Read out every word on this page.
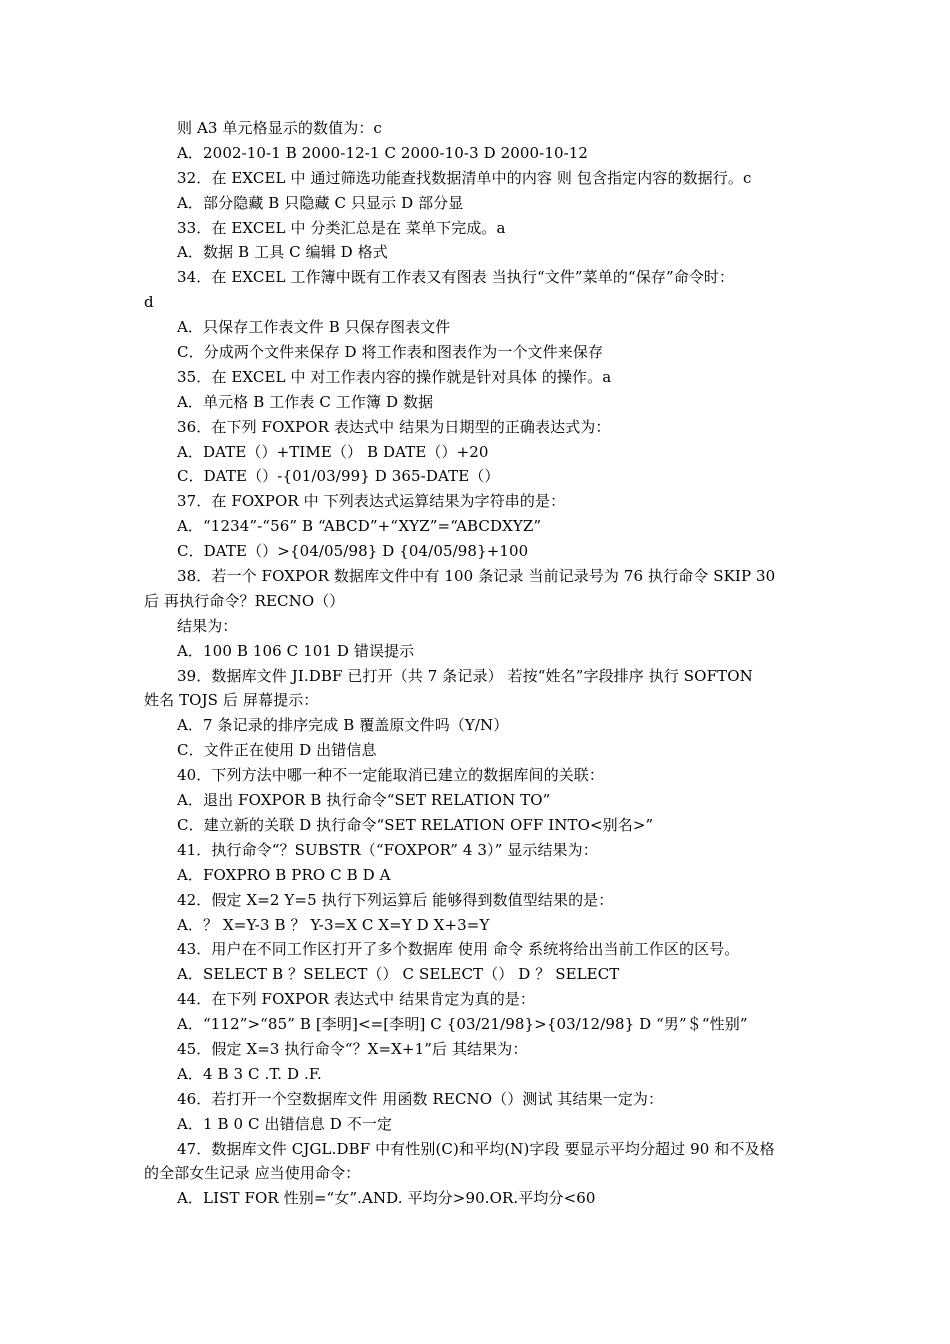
则 A3 单元格显示的数值为：c
A．2002-10-1 B 2000-12-1 C 2000-10-3 D 2000-10-12
32．在 EXCEL 中 通过筛选功能查找数据清单中的内容 则 包含指定内容的数据行。c
A．部分隐藏 B 只隐藏 C 只显示 D 部分显
33．在 EXCEL 中 分类汇总是在 菜单下完成。a
A．数据 B 工具 C 编辑 D 格式
34．在 EXCEL 工作簿中既有工作表又有图表 当执行“文件”菜单的“保存”命令时：
d
A．只保存工作表文件 B 只保存图表文件
C．分成两个文件来保存 D 将工作表和图表作为一个文件来保存
35．在 EXCEL 中 对工作表内容的操作就是针对具体 的操作。a
A．单元格 B 工作表 C 工作簿 D 数据
36．在下列 FOXPOR 表达式中 结果为日期型的正确表达式为：
A．DATE（）+TIME（） B DATE（）+20
C．DATE（）-{01/03/99} D 365-DATE（）
37．在 FOXPOR 中 下列表达式运算结果为字符串的是：
A．“1234”-“56” B “ABCD”+“XYZ”=“ABCDXYZ”
C．DATE（）>{04/05/98} D {04/05/98}+100
38．若一个 FOXPOR 数据库文件中有 100 条记录 当前记录号为 76 执行命令 SKIP 30
后 再执行命令？RECNO（）
结果为：
A．100 B 106 C 101 D 错误提示
39．数据库文件 JI.DBF 已打开（共 7 条记录） 若按“姓名”字段排序 执行 SOFTON
姓名 TOJS 后 屏幕提示：
A．7 条记录的排序完成 B 覆盖原文件吗（Y/N）
C．文件正在使用 D 出错信息
40．下列方法中哪一种不一定能取消已建立的数据库间的关联：
A．退出 FOXPOR B 执行命令“SET RELATION TO”
C．建立新的关联 D 执行命令“SET RELATION OFF INTO<别名>”
41．执行命令“？SUBSTR（“FOXPOR” 4 3）” 显示结果为：
A．FOXPRO B PRO C B D A
42．假定 X=2 Y=5 执行下列运算后 能够得到数值型结果的是：
A．？ X=Y-3 B ？ Y-3=X C X=Y D X+3=Y
43．用户在不同工作区打开了多个数据库 使用 命令 系统将给出当前工作区的区号。
A．SELECT B ？SELECT（） C SELECT（） D ？ SELECT
44．在下列 FOXPOR 表达式中 结果肯定为真的是：
A．“112”>“85” B [李明]<=[李明] C {03/21/98}>{03/12/98} D “男”＄“性别”
45．假定 X=3 执行命令“？X=X+1”后 其结果为：
A．4 B 3 C .T. D .F.
46．若打开一个空数据库文件 用函数 RECNO（）测试 其结果一定为：
A．1 B 0 C 出错信息 D 不一定
47．数据库文件 CJGL.DBF 中有性别(C)和平均(N)字段 要显示平均分超过 90 和不及格
的全部女生记录 应当使用命令：
A．LIST FOR 性别=“女”.AND. 平均分>90.OR.平均分<60
